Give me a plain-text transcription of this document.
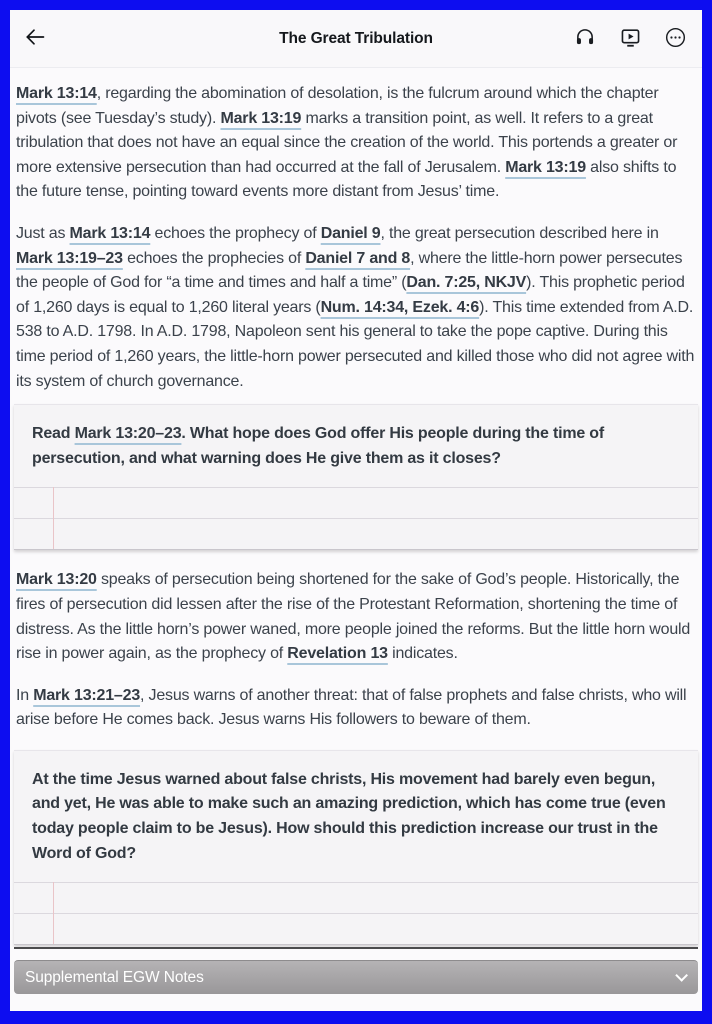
The Great Tribulation

Mark 13:14, regarding the abomination of desolation, is the fulcrum around which the chapter pivots (see Tuesday’s study). Mark 13:19 marks a transition point, as well. It refers to a great tribulation that does not have an equal since the creation of the world. This portends a greater or more extensive persecution than had occurred at the fall of Jerusalem. Mark 13:19 also shifts to the future tense, pointing toward events more distant from Jesus’ time.

Just as Mark 13:14 echoes the prophecy of Daniel 9, the great persecution described here in Mark 13:19–23 echoes the prophecies of Daniel 7 and 8, where the little-horn power persecutes the people of God for “a time and times and half a time” (Dan. 7:25, NKJV). This prophetic period of 1,260 days is equal to 1,260 literal years (Num. 14:34, Ezek. 4:6). This time extended from A.D. 538 to A.D. 1798. In A.D. 1798, Napoleon sent his general to take the pope captive. During this time period of 1,260 years, the little-horn power persecuted and killed those who did not agree with its system of church governance.

Read Mark 13:20–23. What hope does God offer His people during the time of persecution, and what warning does He give them as it closes?

Mark 13:20 speaks of persecution being shortened for the sake of God’s people. Historically, the fires of persecution did lessen after the rise of the Protestant Reformation, shortening the time of distress. As the little horn’s power waned, more people joined the reforms. But the little horn would rise in power again, as the prophecy of Revelation 13 indicates.

In Mark 13:21–23, Jesus warns of another threat: that of false prophets and false christs, who will arise before He comes back. Jesus warns His followers to beware of them.

At the time Jesus warned about false christs, His movement had barely even begun, and yet, He was able to make such an amazing prediction, which has come true (even today people claim to be Jesus). How should this prediction increase our trust in the Word of God?
Supplemental EGW Notes
